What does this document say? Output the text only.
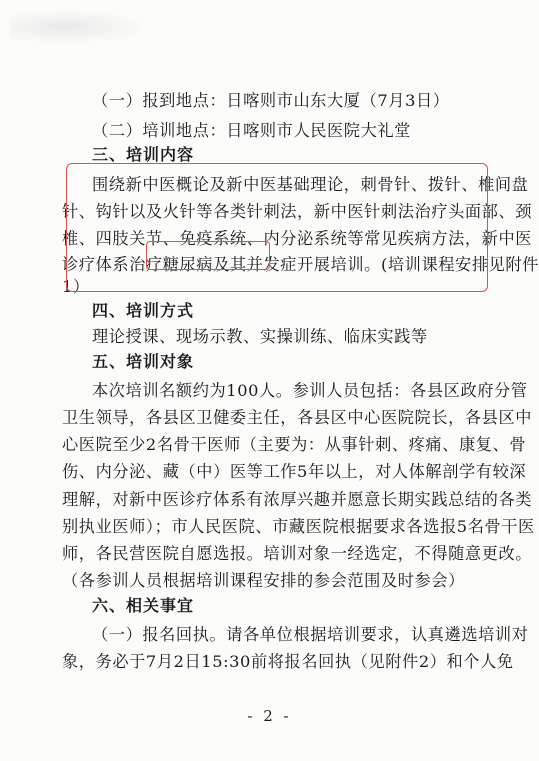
（一）报到地点：日喀则市山东大厦（7月3日）
（二）培训地点：日喀则市人民医院大礼堂
三、培训内容
围绕新中医概论及新中医基础理论，刺骨针、拨针、椎间盘
针、钩针以及火针等各类针刺法，新中医针刺法治疗头面部、颈
椎、四肢关节、免疫系统、内分泌系统等常见疾病方法，新中医
诊疗体系治疗糖尿病及其并发症开展培训。(培训课程安排见附件
1）
四、培训方式
理论授课、现场示教、实操训练、临床实践等
五、培训对象
本次培训名额约为100人。参训人员包括：各县区政府分管
卫生领导，各县区卫健委主任，各县区中心医院院长，各县区中
心医院至少2名骨干医师（主要为：从事针刺、疼痛、康复、骨
伤、内分泌、藏（中）医等工作5年以上，对人体解剖学有较深
理解，对新中医诊疗体系有浓厚兴趣并愿意长期实践总结的各类
别执业医师）；市人民医院、市藏医院根据要求各选报5名骨干医
师，各民营医院自愿选报。培训对象一经选定，不得随意更改。
（各参训人员根据培训课程安排的参会范围及时参会）
六、相关事宜
（一）报名回执。请各单位根据培训要求，认真遴选培训对
象，务必于7月2日15:30前将报名回执（见附件2）和个人免
- 2 -
